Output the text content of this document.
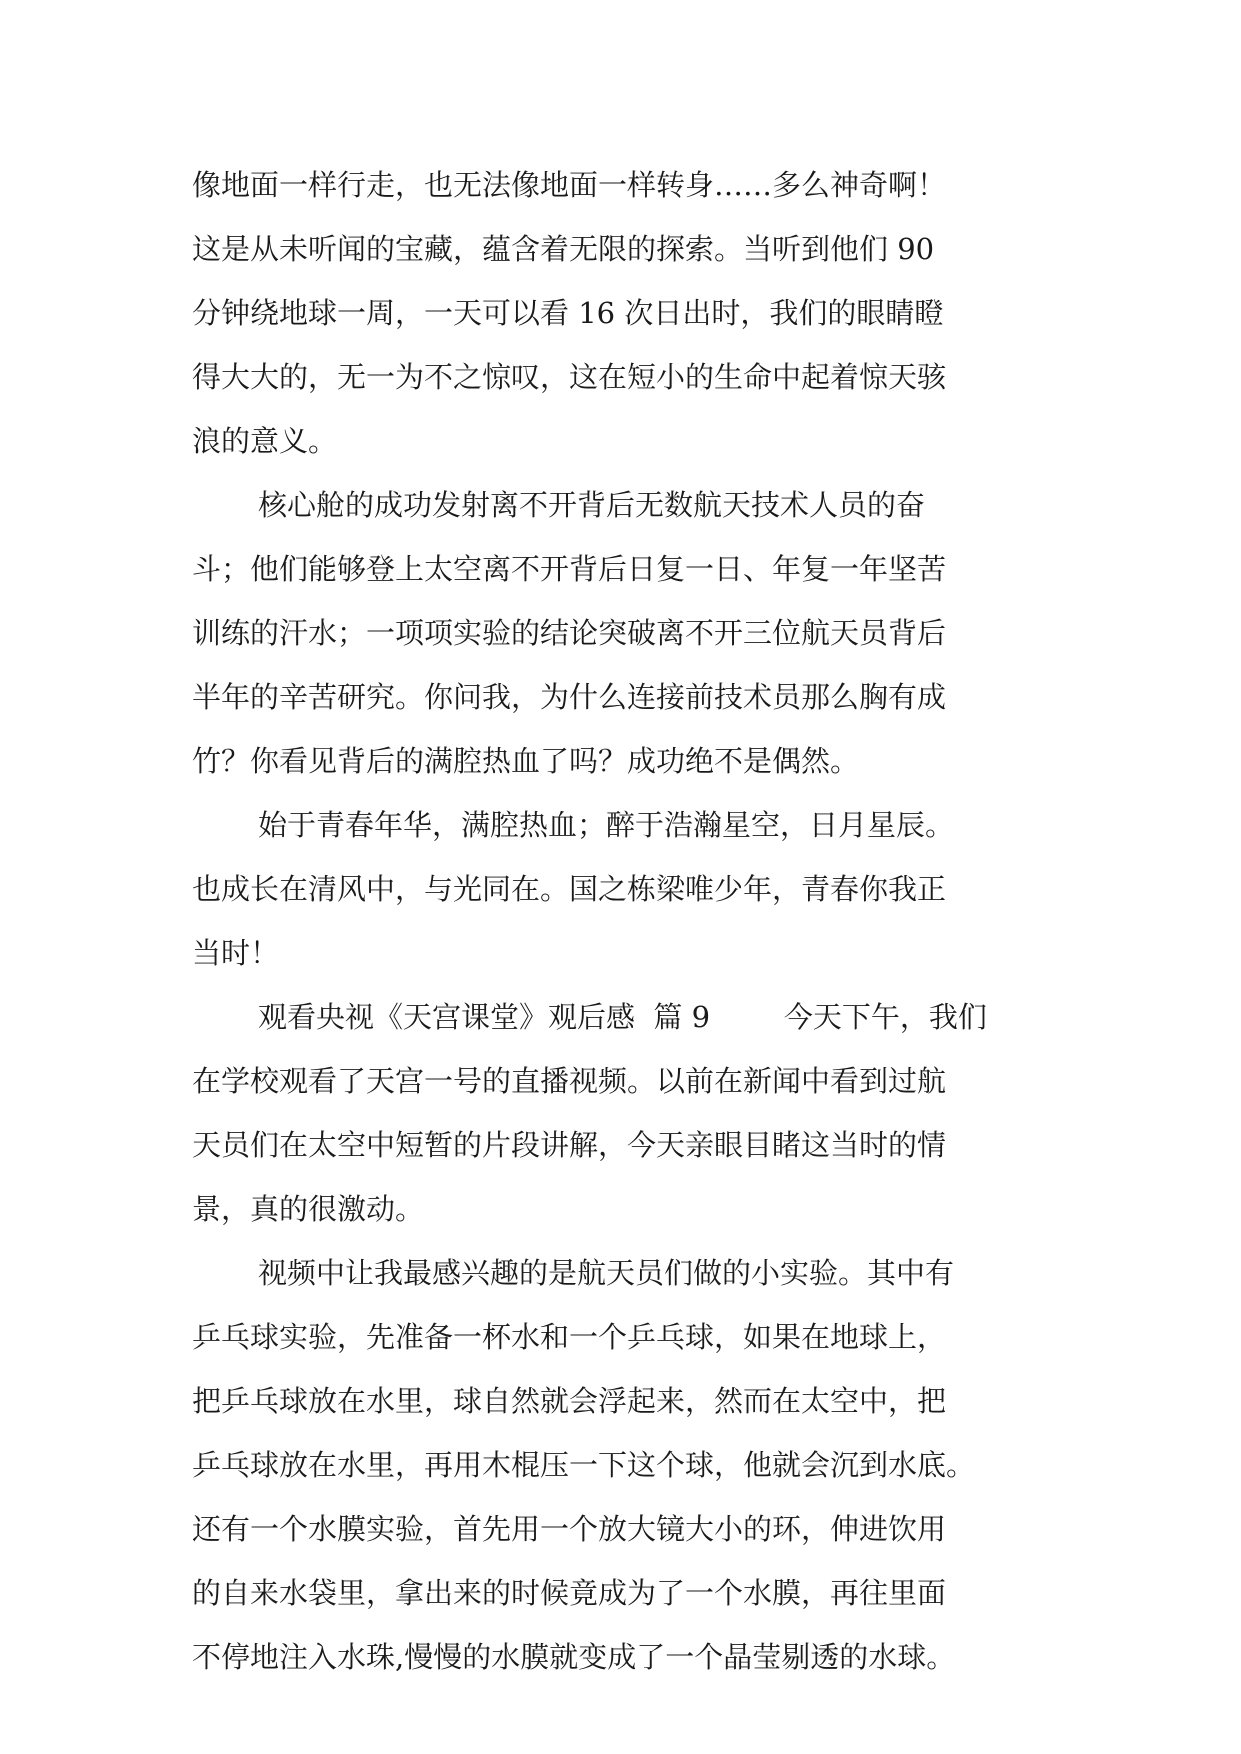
像地面一样行走，也无法像地面一样转身……多么神奇啊！

这是从未听闻的宝藏，蕴含着无限的探索。当听到他们 90

分钟绕地球一周，一天可以看 16 次日出时，我们的眼睛瞪

得大大的，无一为不之惊叹，这在短小的生命中起着惊天骇

浪的意义。

核心舱的成功发射离不开背后无数航天技术人员的奋

斗；他们能够登上太空离不开背后日复一日、年复一年坚苦

训练的汗水；一项项实验的结论突破离不开三位航天员背后

半年的辛苦研究。你问我，为什么连接前技术员那么胸有成

竹？你看见背后的满腔热血了吗？成功绝不是偶然。

始于青春年华，满腔热血；醉于浩瀚星空，日月星辰。

也成长在清风中，与光同在。国之栋梁唯少年，青春你我正

当时！

观看央视《天宫课堂》观后感  篇 9        今天下午，我们

在学校观看了天宫一号的直播视频。以前在新闻中看到过航

天员们在太空中短暂的片段讲解，今天亲眼目睹这当时的情

景，真的很激动。

视频中让我最感兴趣的是航天员们做的小实验。其中有

乒乓球实验，先准备一杯水和一个乒乓球，如果在地球上，

把乒乓球放在水里，球自然就会浮起来，然而在太空中，把

乒乓球放在水里，再用木棍压一下这个球，他就会沉到水底。

还有一个水膜实验，首先用一个放大镜大小的环，伸进饮用

的自来水袋里，拿出来的时候竟成为了一个水膜，再往里面

不停地注入水珠,慢慢的水膜就变成了一个晶莹剔透的水球。
